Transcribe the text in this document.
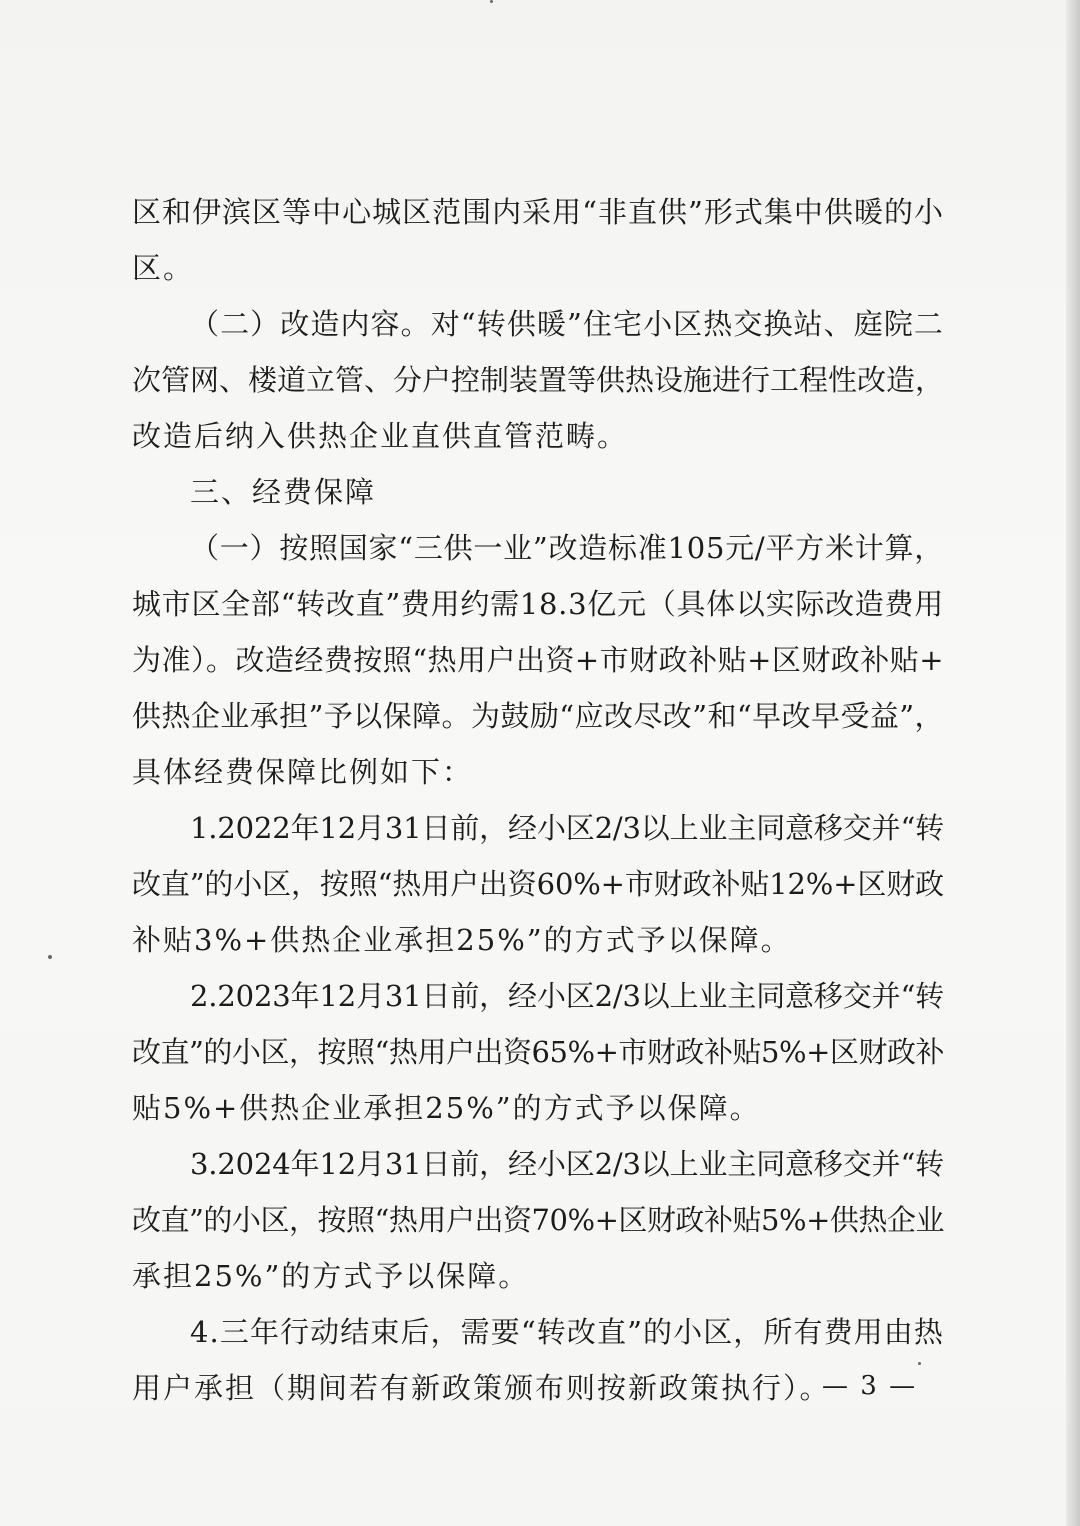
区和伊滨区等中心城区范围内采用“非直供”形式集中供暖的小
区。
（二）改造内容。对“转供暖”住宅小区热交换站、庭院二
次管网、楼道立管、分户控制装置等供热设施进行工程性改造，
改造后纳入供热企业直供直管范畴。
三、经费保障
（一）按照国家“三供一业”改造标准105元/平方米计算，
城市区全部“转改直”费用约需18.3亿元（具体以实际改造费用
为准）。改造经费按照“热用户出资+市财政补贴+区财政补贴+
供热企业承担”予以保障。为鼓励“应改尽改”和“早改早受益”，
具体经费保障比例如下：
1.2022年12月31日前，经小区2/3以上业主同意移交并“转
改直”的小区，按照“热用户出资60%+市财政补贴12%+区财政
补贴3%+供热企业承担25%”的方式予以保障。
2.2023年12月31日前，经小区2/3以上业主同意移交并“转
改直”的小区，按照“热用户出资65%+市财政补贴5%+区财政补
贴5%+供热企业承担25%”的方式予以保障。
3.2024年12月31日前，经小区2/3以上业主同意移交并“转
改直”的小区，按照“热用户出资70%+区财政补贴5%+供热企业
承担25%”的方式予以保障。
4.三年行动结束后，需要“转改直”的小区，所有费用由热
用户承担（期间若有新政策颁布则按新政策执行）。
— 3 —
